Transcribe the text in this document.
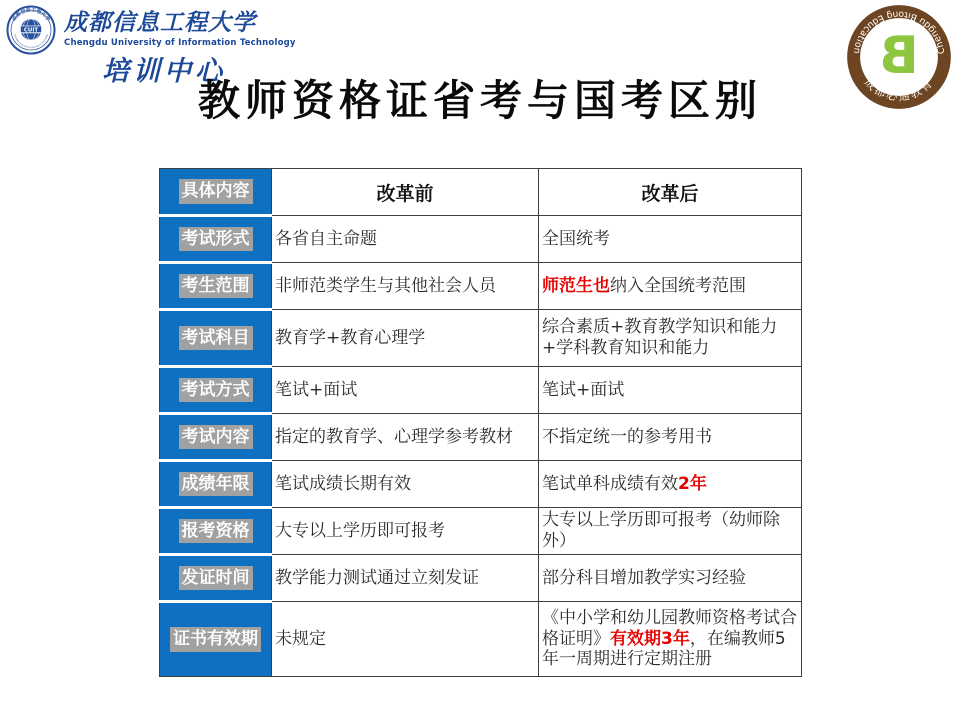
成都信息工程大学
Chengdu University of Information Technology
CUIT 成都信息工程大学
Chengdu University of Information Technology
培训中心
Chengdu Bitong Education
成都必通教育
B
教师资格证省考与国考区别
具体内容	改革前	改革后
考试形式	各省自主命题	全国统考
考生范围	非师范类学生与其他社会人员	师范生也纳入全国统考范围
考试科目	教育学+教育心理学	综合素质+教育教学知识和能力+学科教育知识和能力
考试方式	笔试+面试	笔试+面试
考试内容	指定的教育学、心理学参考教材	不指定统一的参考用书
成绩年限	笔试成绩长期有效	笔试单科成绩有效2年
报考资格	大专以上学历即可报考	大专以上学历即可报考（幼师除外）
发证时间	教学能力测试通过立刻发证	部分科目增加教学实习经验
证书有效期	未规定	《中小学和幼儿园教师资格考试合格证明》有效期3年，在编教师5年一周期进行定期注册
